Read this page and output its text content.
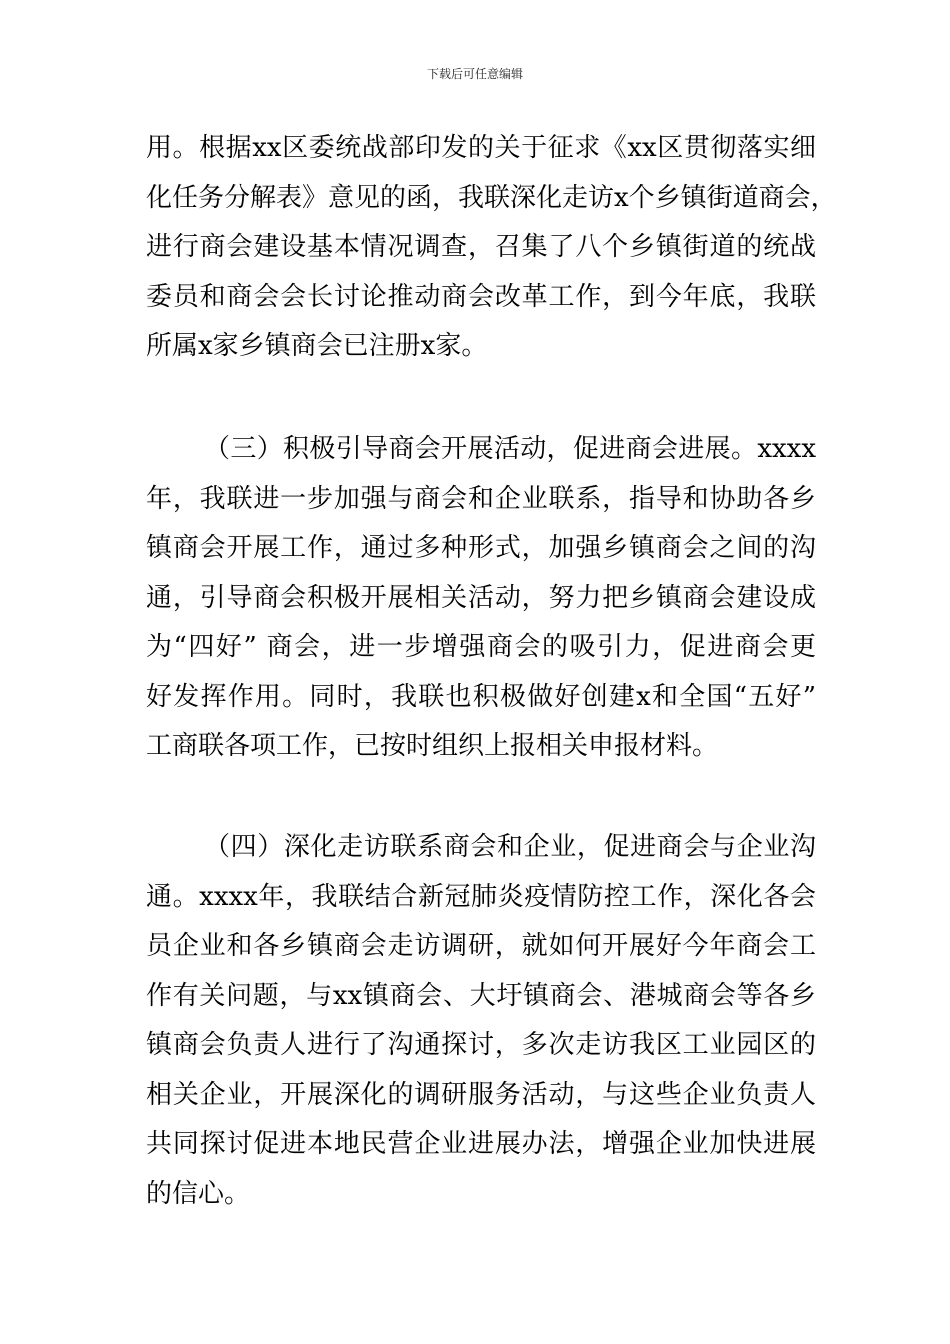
下载后可任意编辑
用。根据xx区委统战部印发的关于征求《xx区贯彻落实细
化任务分解表》意见的函，我联深化走访x个乡镇街道商会，
进行商会建设基本情况调查，召集了八个乡镇街道的统战
委员和商会会长讨论推动商会改革工作，到今年底，我联
所属x家乡镇商会已注册x家。
（三）积极引导商会开展活动，促进商会进展。xxxx
年，我联进一步加强与商会和企业联系，指导和协助各乡
镇商会开展工作，通过多种形式，加强乡镇商会之间的沟
通，引导商会积极开展相关活动，努力把乡镇商会建设成
为“四好” 商会，进一步增强商会的吸引力，促进商会更
好发挥作用。同时，我联也积极做好创建x和全国“五好”
工商联各项工作，已按时组织上报相关申报材料。
（四）深化走访联系商会和企业，促进商会与企业沟
通。xxxx年，我联结合新冠肺炎疫情防控工作，深化各会
员企业和各乡镇商会走访调研，就如何开展好今年商会工
作有关问题，与xx镇商会、大圩镇商会、港城商会等各乡
镇商会负责人进行了沟通探讨，多次走访我区工业园区的
相关企业，开展深化的调研服务活动，与这些企业负责人
共同探讨促进本地民营企业进展办法，增强企业加快进展
的信心。
